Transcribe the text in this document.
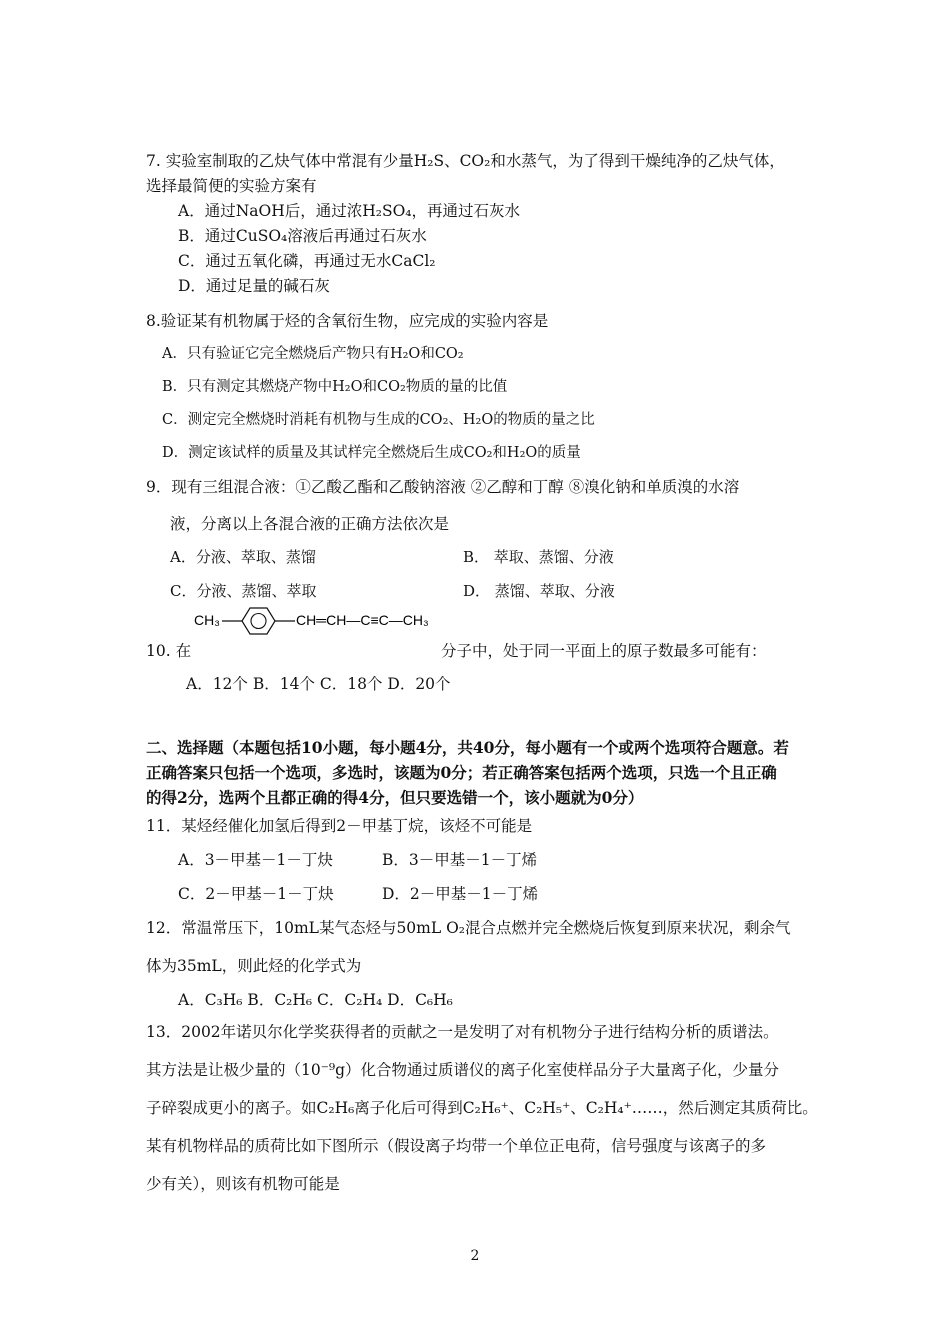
7. 实验室制取的乙炔气体中常混有少量H₂S、CO₂和水蒸气，为了得到干燥纯净的乙炔气体，
选择最简便的实验方案有
A．通过NaOH后，通过浓H₂SO₄，再通过石灰水
B．通过CuSO₄溶液后再通过石灰水
C．通过五氧化磷，再通过无水CaCl₂
D．通过足量的碱石灰
8.验证某有机物属于烃的含氧衍生物，应完成的实验内容是
A．只有验证它完全燃烧后产物只有H₂O和CO₂
B．只有测定其燃烧产物中H₂O和CO₂物质的量的比值
C．测定完全燃烧时消耗有机物与生成的CO₂、H₂O的物质的量之比
D．测定该试样的质量及其试样完全燃烧后生成CO₂和H₂O的质量
9．现有三组混合液：①乙酸乙酯和乙酸钠溶液 ②乙醇和丁醇 ⑧溴化钠和单质溴的水溶
液，分离以上各混合液的正确方法依次是
A．分液、萃取、蒸馏	B． 萃取、蒸馏、分液
C．分液、蒸馏、萃取	D． 蒸馏、萃取、分液
CH₃	CH═CH—C≡C—CH₃
10. 在	分子中，处于同一平面上的原子数最多可能有：
A．12个 B．14个 C．18个 D．20个
二、选择题（本题包括10小题，每小题4分，共40分，每小题有一个或两个选项符合题意。若
正确答案只包括一个选项，多选时，该题为0分；若正确答案包括两个选项，只选一个且正确
的得2分，选两个且都正确的得4分，但只要选错一个，该小题就为0分）
11．某烃经催化加氢后得到2－甲基丁烷，该烃不可能是
A．3－甲基－1－丁炔	B．3－甲基－1－丁烯
C．2－甲基－1－丁炔	D．2－甲基－1－丁烯
12．常温常压下，10mL某气态烃与50mL O₂混合点燃并完全燃烧后恢复到原来状况，剩余气
体为35mL，则此烃的化学式为
A．C₃H₆ B．C₂H₆ C．C₂H₄ D．C₆H₆
13．2002年诺贝尔化学奖获得者的贡献之一是发明了对有机物分子进行结构分析的质谱法。
其方法是让极少量的（10⁻⁹g）化合物通过质谱仪的离子化室使样品分子大量离子化，少量分
子碎裂成更小的离子。如C₂H₆离子化后可得到C₂H₆⁺、C₂H₅⁺、C₂H₄⁺……，然后测定其质荷比。
某有机物样品的质荷比如下图所示（假设离子均带一个单位正电荷，信号强度与该离子的多
少有关），则该有机物可能是
2
